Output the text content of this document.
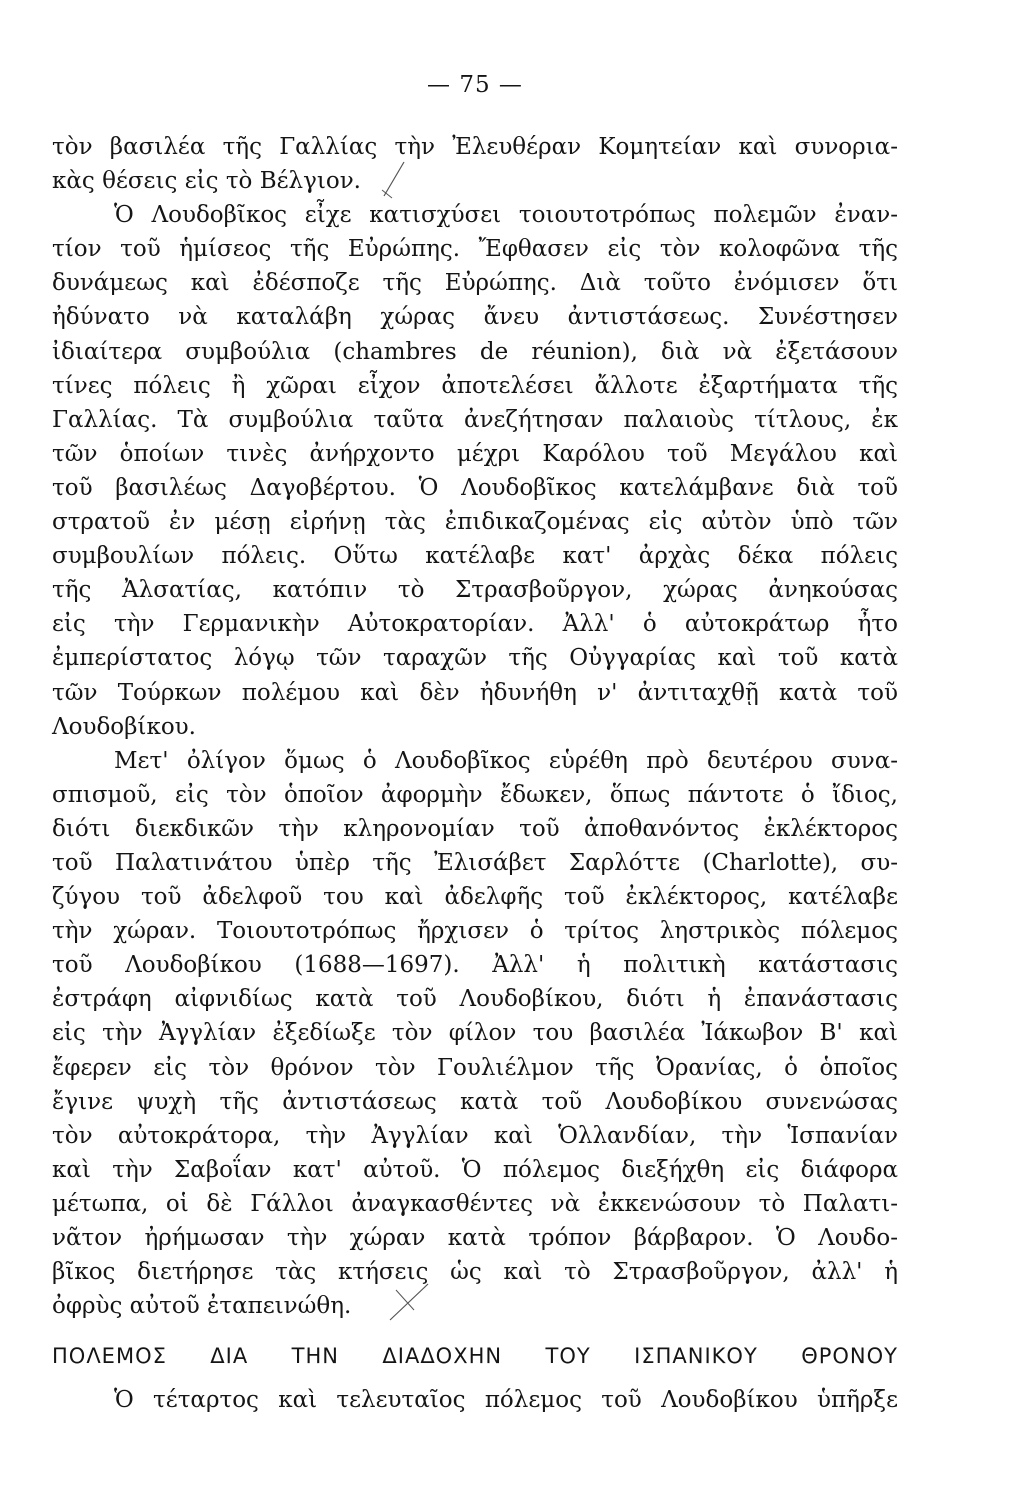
— 75 —
τὸν βασιλέα τῆς Γαλλίας τὴν Ἐλευθέραν Κομητείαν καὶ συνορια-
κὰς θέσεις εἰς τὸ Βέλγιον.
Ὁ Λουδοβῖκος εἶχε κατισχύσει τοιουτοτρόπως πολεμῶν ἐναν-
τίον τοῦ ἡμίσεος τῆς Εὐρώπης. Ἔφθασεν εἰς τὸν κολοφῶνα τῆς
δυνάμεως καὶ ἐδέσποζε τῆς Εὐρώπης. Διὰ τοῦτο ἐνόμισεν ὅτι
ἠδύνατο νὰ καταλάβη χώρας ἄνευ ἀντιστάσεως. Συνέστησεν
ἰδιαίτερα συμβούλια (chambres de réunion), διὰ νὰ ἐξετάσουν
τίνες πόλεις ἢ χῶραι εἶχον ἀποτελέσει ἄλλοτε ἐξαρτήματα τῆς
Γαλλίας. Τὰ συμβούλια ταῦτα ἀνεζήτησαν παλαιοὺς τίτλους, ἐκ
τῶν ὁποίων τινὲς ἀνήρχοντο μέχρι Καρόλου τοῦ Μεγάλου καὶ
τοῦ βασιλέως Δαγοβέρτου. Ὁ Λουδοβῖκος κατελάμβανε διὰ τοῦ
στρατοῦ ἐν μέσῃ εἰρήνῃ τὰς ἐπιδικαζομένας εἰς αὐτὸν ὑπὸ τῶν
συμβουλίων πόλεις. Οὕτω κατέλαβε κατ' ἀρχὰς δέκα πόλεις
τῆς Ἀλσατίας, κατόπιν τὸ Στρασβοῦργον, χώρας ἀνηκούσας
εἰς τὴν Γερμανικὴν Αὐτοκρατορίαν. Ἀλλ' ὁ αὐτοκράτωρ ἦτο
ἐμπερίστατος λόγῳ τῶν ταραχῶν τῆς Οὐγγαρίας καὶ τοῦ κατὰ
τῶν Τούρκων πολέμου καὶ δὲν ἠδυνήθη ν' ἀντιταχθῇ κατὰ τοῦ
Λουδοβίκου.
Μετ' ὀλίγον ὅμως ὁ Λουδοβῖκος εὑρέθη πρὸ δευτέρου συνα-
σπισμοῦ, εἰς τὸν ὁποῖον ἀφορμὴν ἔδωκεν, ὅπως πάντοτε ὁ ἴδιος,
διότι διεκδικῶν τὴν κληρονομίαν τοῦ ἀποθανόντος ἐκλέκτορος
τοῦ Παλατινάτου ὑπὲρ τῆς Ἐλισάβετ Σαρλόττε (Charlotte), συ-
ζύγου τοῦ ἀδελφοῦ του καὶ ἀδελφῆς τοῦ ἐκλέκτορος, κατέλαβε
τὴν χώραν. Τοιουτοτρόπως ἤρχισεν ὁ τρίτος ληστρικὸς πόλεμος
τοῦ Λουδοβίκου (1688—1697). Ἀλλ' ἡ πολιτικὴ κατάστασις
ἐστράφη αἰφνιδίως κατὰ τοῦ Λουδοβίκου, διότι ἡ ἐπανάστασις
εἰς τὴν Ἀγγλίαν ἐξεδίωξε τὸν φίλον του βασιλέα Ἰάκωβον Β' καὶ
ἔφερεν εἰς τὸν θρόνον τὸν Γουλιέλμον τῆς Ὀρανίας, ὁ ὁποῖος
ἔγινε ψυχὴ τῆς ἀντιστάσεως κατὰ τοῦ Λουδοβίκου συνενώσας
τὸν αὐτοκράτορα, τὴν Ἀγγλίαν καὶ Ὁλλανδίαν, τὴν Ἱσπανίαν
καὶ τὴν Σαβοΐαν κατ' αὐτοῦ. Ὁ πόλεμος διεξήχθη εἰς διάφορα
μέτωπα, οἱ δὲ Γάλλοι ἀναγκασθέντες νὰ ἐκκενώσουν τὸ Παλατι-
νᾶτον ἠρήμωσαν τὴν χώραν κατὰ τρόπον βάρβαρον. Ὁ Λουδο-
βῖκος διετήρησε τὰς κτήσεις ὡς καὶ τὸ Στρασβοῦργον, ἀλλ' ἡ
ὀφρὺς αὐτοῦ ἐταπεινώθη.
ΠΟΛΕΜΟΣ ΔΙΑ ΤΗΝ ΔΙΑΔΟΧΗΝ ΤΟΥ ΙΣΠΑΝΙΚΟΥ ΘΡΟΝΟΥ
Ὁ τέταρτος καὶ τελευταῖος πόλεμος τοῦ Λουδοβίκου ὑπῆρξε
